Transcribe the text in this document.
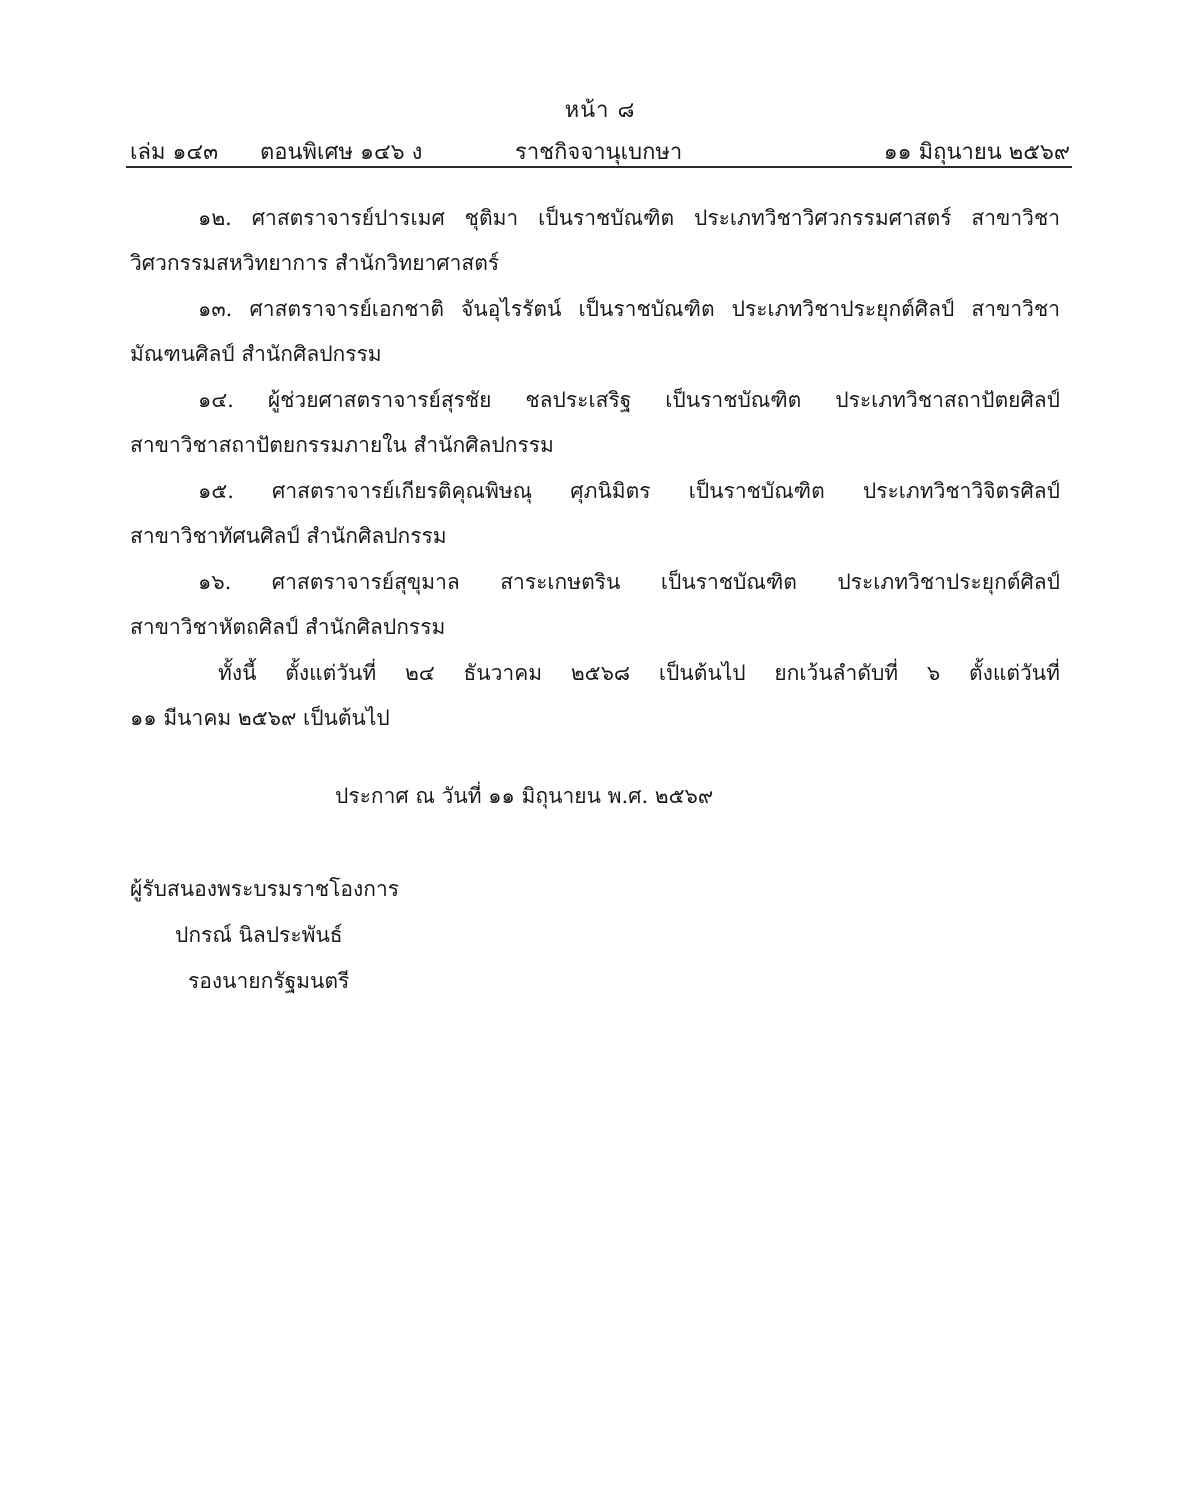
หน้า ๘
เล่ม ๑๔๓ ตอนพิเศษ ๑๔๖ ง	ราชกิจจานุเบกษา	๑๑ มิถุนายน ๒๕๖๙

๑๒. ศาสตราจารย์ปารเมศ ชุติมา เป็นราชบัณฑิต ประเภทวิชาวิศวกรรมศาสตร์ สาขาวิชา
วิศวกรรมสหวิทยาการ สำนักวิทยาศาสตร์

๑๓. ศาสตราจารย์เอกชาติ จันอุไรรัตน์ เป็นราชบัณฑิต ประเภทวิชาประยุกต์ศิลป์ สาขาวิชา
มัณฑนศิลป์ สำนักศิลปกรรม

๑๔. ผู้ช่วยศาสตราจารย์สุรชัย ชลประเสริฐ เป็นราชบัณฑิต ประเภทวิชาสถาปัตยศิลป์
สาขาวิชาสถาปัตยกรรมภายใน สำนักศิลปกรรม

๑๕. ศาสตราจารย์เกียรติคุณพิษณุ ศุภนิมิตร เป็นราชบัณฑิต ประเภทวิชาวิจิตรศิลป์
สาขาวิชาทัศนศิลป์ สำนักศิลปกรรม

๑๖. ศาสตราจารย์สุขุมาล สาระเกษตริน เป็นราชบัณฑิต ประเภทวิชาประยุกต์ศิลป์
สาขาวิชาหัตถศิลป์ สำนักศิลปกรรม

ทั้งนี้ ตั้งแต่วันที่ ๒๔ ธันวาคม ๒๕๖๘ เป็นต้นไป ยกเว้นลำดับที่ ๖ ตั้งแต่วันที่
๑๑ มีนาคม ๒๕๖๙ เป็นต้นไป

ประกาศ ณ วันที่ ๑๑ มิถุนายน พ.ศ. ๒๕๖๙
ผู้รับสนองพระบรมราชโองการ
ปกรณ์ นิลประพันธ์
รองนายกรัฐมนตรี
